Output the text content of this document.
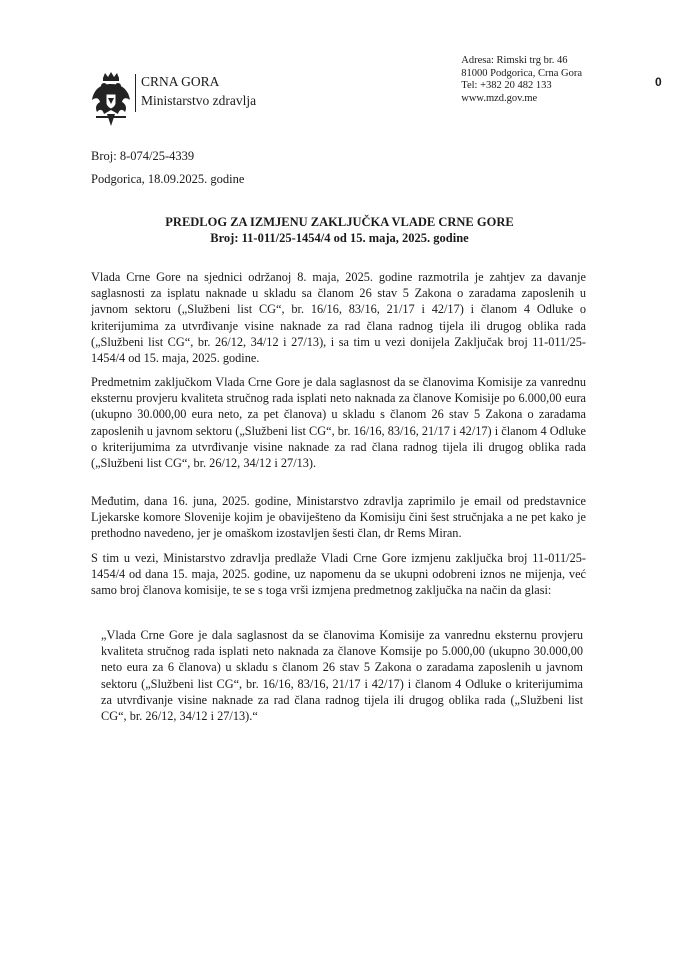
CRNA GORA
Ministarstvo zdravlja
Adresa: Rimski trg br. 46
81000 Podgorica, Crna Gora
Tel: +382 20 482 133
www.mzd.gov.me
0
Broj: 8-074/25-4339
Podgorica, 18.09.2025. godine
PREDLOG ZA IZMJENU ZAKLJUČKA VLADE CRNE GORE
Broj: 11-011/25-1454/4 od 15. maja, 2025. godine
Vlada Crne Gore na sjednici održanoj 8. maja, 2025. godine razmotrila je zahtjev za davanje saglasnosti za isplatu naknade u skladu sa članom 26 stav 5 Zakona o zaradama zaposlenih u javnom sektoru („Službeni list CG“, br. 16/16, 83/16, 21/17 i 42/17) i članom 4 Odluke o kriterijumima za utvrđivanje visine naknade za rad člana radnog tijela ili drugog oblika rada („Službeni list CG“, br. 26/12, 34/12 i 27/13), i sa tim u vezi donijela Zaključak broj 11-011/25-1454/4 od 15. maja, 2025. godine.
Predmetnim zaključkom Vlada Crne Gore je dala saglasnost da se članovima Komisije za vanrednu eksternu provjeru kvaliteta stručnog rada isplati neto naknada za članove Komisije po 6.000,00 eura (ukupno 30.000,00 eura neto, za pet članova) u skladu s članom 26 stav 5 Zakona o zaradama zaposlenih u javnom sektoru („Službeni list CG“, br. 16/16, 83/16, 21/17 i 42/17) i članom 4 Odluke o kriterijumima za utvrđivanje visine naknade za rad člana radnog tijela ili drugog oblika rada („Službeni list CG“, br. 26/12, 34/12 i 27/13).
Međutim, dana 16. juna, 2025. godine, Ministarstvo zdravlja zaprimilo je email od predstavnice Ljekarske komore Slovenije kojim je obaviješteno da Komisiju čini šest stručnjaka a ne pet kako je prethodno navedeno, jer je omaškom izostavljen šesti član, dr Rems Miran.
S tim u vezi, Ministarstvo zdravlja predlaže Vladi Crne Gore izmjenu zaključka broj 11-011/25-1454/4 od dana 15. maja, 2025. godine, uz napomenu da se ukupni odobreni iznos ne mijenja, već samo broj članova komisije, te se s toga vrši izmjena predmetnog zaključka na način da glasi:
„Vlada Crne Gore je dala saglasnost da se članovima Komisije za vanrednu eksternu provjeru kvaliteta stručnog rada isplati neto naknada za članove Komsije po 5.000,00 (ukupno 30.000,00 neto eura za 6 članova) u skladu s članom 26 stav 5 Zakona o zaradama zaposlenih u javnom sektoru („Službeni list CG“, br. 16/16, 83/16, 21/17 i 42/17) i članom 4 Odluke o kriterijumima za utvrđivanje visine naknade za rad člana radnog tijela ili drugog oblika rada („Službeni list CG“, br. 26/12, 34/12 i 27/13).“
